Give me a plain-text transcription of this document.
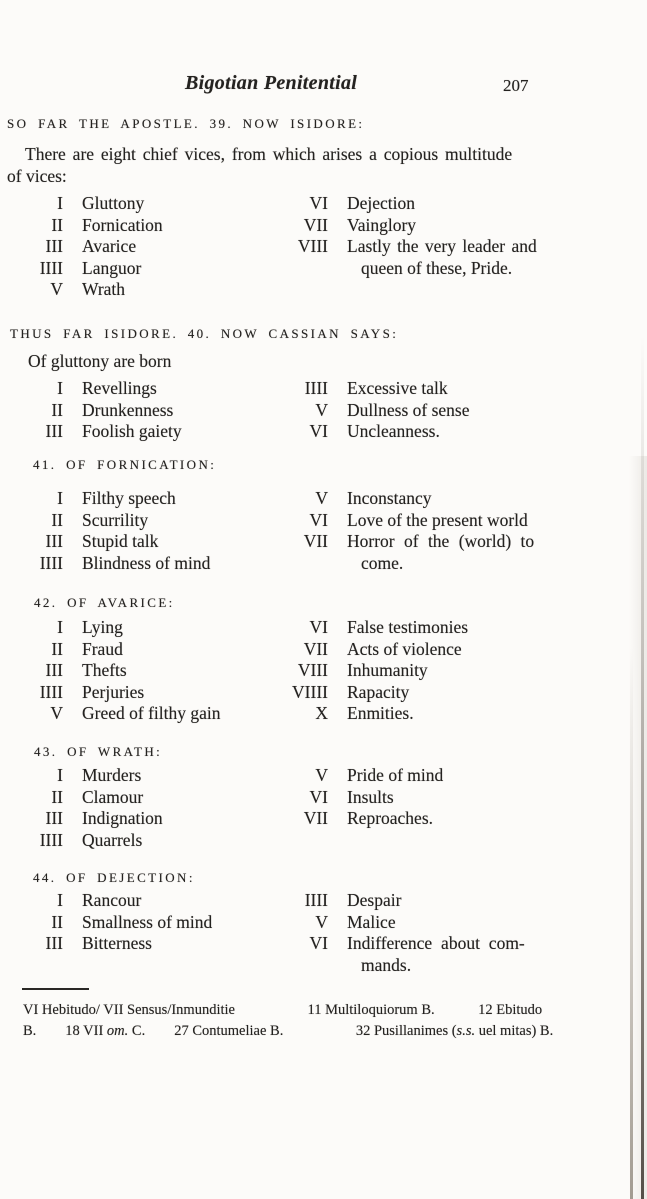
Bigotian Penitential	207
SO FAR THE APOSTLE. 39. NOW ISIDORE:
There are eight chief vices, from which arises a copious multitude
of vices:
I Gluttony	VI Dejection
II Fornication	VII Vainglory
III Avarice	VIII Lastly the very leader and
IIII Languor	queen of these, Pride.
V Wrath
THUS FAR ISIDORE. 40. NOW CASSIAN SAYS:
Of gluttony are born
I Revellings	IIII Excessive talk
II Drunkenness	V Dullness of sense
III Foolish gaiety	VI Uncleanness.
41. OF FORNICATION:
I Filthy speech	V Inconstancy
II Scurrility	VI Love of the present world
III Stupid talk	VII Horror of the (world) to
IIII Blindness of mind	come.
42. OF AVARICE:
I Lying	VI False testimonies
II Fraud	VII Acts of violence
III Thefts	VIII Inhumanity
IIII Perjuries	VIIII Rapacity
V Greed of filthy gain	X Enmities.
43. OF WRATH:
I Murders	V Pride of mind
II Clamour	VI Insults
III Indignation	VII Reproaches.
IIII Quarrels
44. OF DEJECTION:
I Rancour	IIII Despair
II Smallness of mind	V Malice
III Bitterness	VI Indifference about com-
mands.
VI Hebitudo/ VII Sensus/Inmunditie     11 Multiloquiorum B.   12 Ebitudo
B.  18 VII om. C.  27 Contumeliae B.     32 Pusillanimes (s.s. uel mitas) B.
